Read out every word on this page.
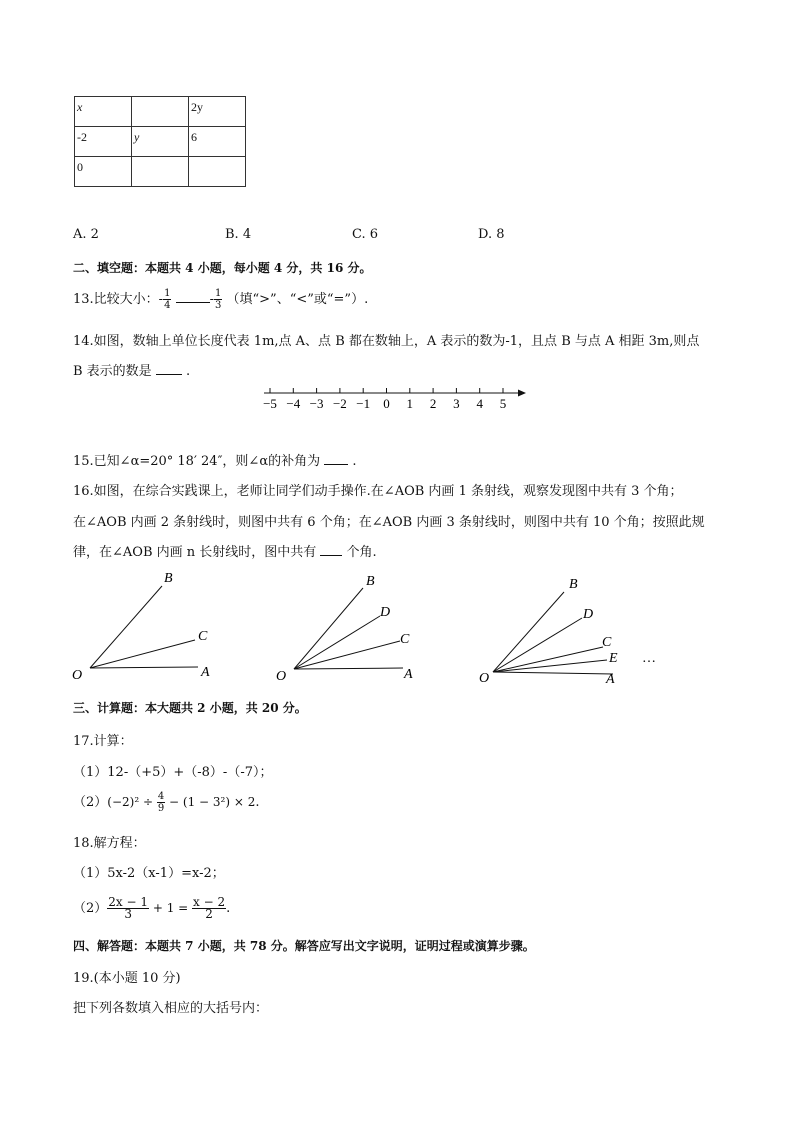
x		2y
-2	y	6
0		
A. 2	B. 4	C. 6	D. 8
二、填空题：本题共 4 小题，每小题 4 分，共 16 分。
13.比较大小：- $\frac{1}{4}$	- $\frac{1}{3}$ （填“>”、“<”或“=”）.
14.如图，数轴上单位长度代表 1m,点 A、点 B 都在数轴上，A 表示的数为-1，且点 B 与点 A 相距 3m,则点
B 表示的数是	.
−5 −4 −3 −2 −1 0 1 2 3 4 5
15.已知∠α=20° 18′ 24″，则∠α的补角为 .
16.如图，在综合实践课上，老师让同学们动手操作.在∠AOB 内画 1 条射线，观察发现图中共有 3 个角；
在∠AOB 内画 2 条射线时，则图中共有 6 个角；在∠AOB 内画 3 条射线时，则图中共有 10 个角；按照此规
律，在∠AOB 内画 n 长射线时，图中共有 个角.
O
B
C
A	O
B
D
C
A	O
B
D
C
E
A
…
三、计算题：本大题共 2 小题，共 20 分。
17.计算：
（1）12-（+5）+（-8）-（-7）；
$(2)(-2)^2 \div \frac{4}{9} - (1 - 3^2) \times 2$.
18.解方程：
（1）5x-2（x-1）=x-2；
$(2) \frac{2x - 1}{3} + 1 = \frac{x - 2}{2}$ .
四、解答题：本题共 7 小题，共 78 分。解答应写出文字说明，证明过程或演算步骤。
19.(本小题 10 分)
把下列各数填入相应的大括号内：
